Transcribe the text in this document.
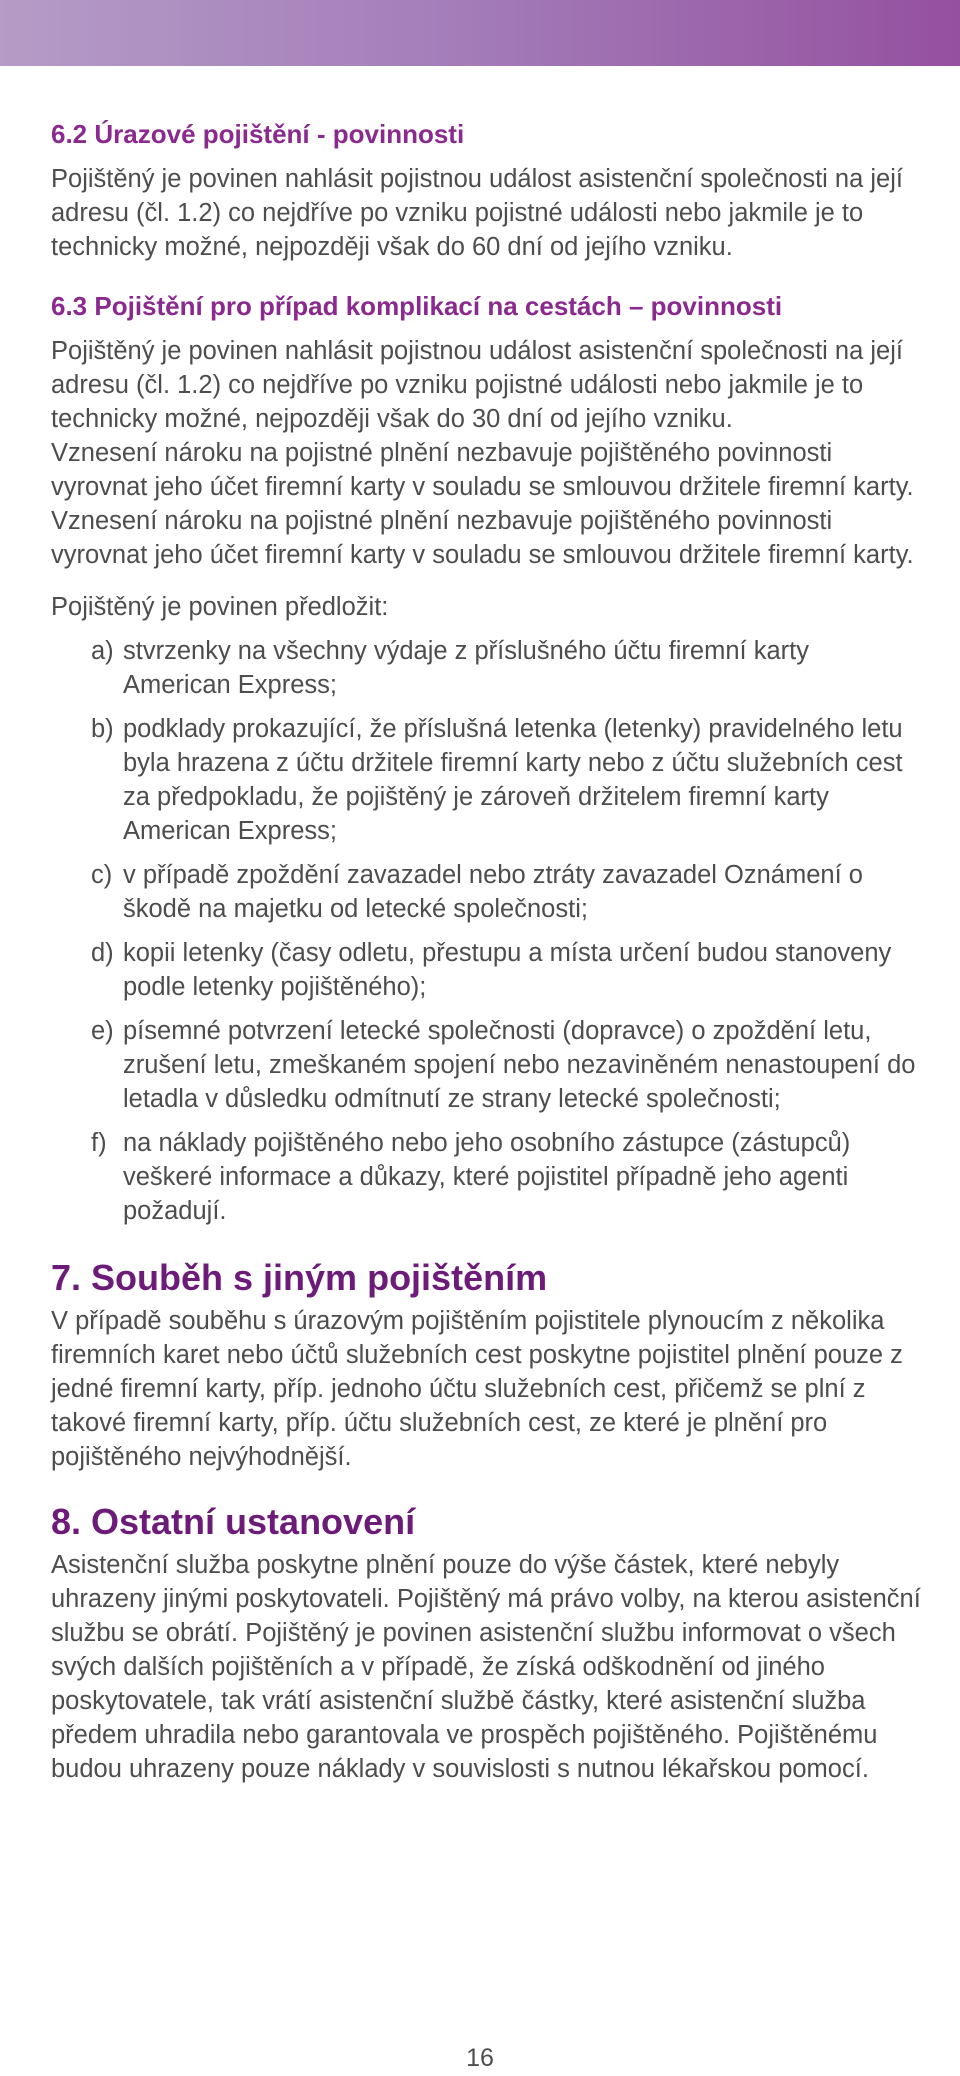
6.2 Úrazové pojištění - povinnosti

Pojištěný je povinen nahlásit pojistnou událost asistenční společnosti na její adresu (čl. 1.2) co nejdříve po vzniku pojistné události nebo jakmile je to technicky možné, nejpozději však do 60 dní od jejího vzniku.

6.3 Pojištění pro případ komplikací na cestách – povinnosti

Pojištěný je povinen nahlásit pojistnou událost asistenční společnosti na její adresu (čl. 1.2) co nejdříve po vzniku pojistné události nebo jakmile je to technicky možné, nejpozději však do 30 dní od jejího vzniku.

Vznesení nároku na pojistné plnění nezbavuje pojištěného povinnosti vyrovnat jeho účet firemní karty v souladu se smlouvou držitele firemní karty. Vznesení nároku na pojistné plnění nezbavuje pojištěného povinnosti vyrovnat jeho účet firemní karty v souladu se smlouvou držitele firemní karty.

Pojištěný je povinen předložit:

a) stvrzenky na všechny výdaje z příslušného účtu firemní karty American Express;
b) podklady prokazující, že příslušná letenka (letenky) pravidelného letu byla hrazena z účtu držitele firemní karty nebo z účtu služebních cest za předpokladu, že pojištěný je zároveň držitelem firemní karty American Express;
c) v případě zpoždění zavazadel nebo ztráty zavazadel Oznámení o škodě na majetku od letecké společnosti;
d) kopii letenky (časy odletu, přestupu a místa určení budou stanoveny podle letenky pojištěného);
e) písemné potvrzení letecké společnosti (dopravce) o zpoždění letu, zrušení letu, zmeškaném spojení nebo nezaviněném nenastoupení do letadla v důsledku odmítnutí ze strany letecké společnosti;
f) na náklady pojištěného nebo jeho osobního zástupce (zástupců) veškeré informace a důkazy, které pojistitel případně jeho agenti požadují.
7. Souběh s jiným pojištěním

V případě souběhu s úrazovým pojištěním pojistitele plynoucím z několika firemních karet nebo účtů služebních cest poskytne pojistitel plnění pouze z jedné firemní karty, příp. jednoho účtu služebních cest, přičemž se plní z takové firemní karty, příp. účtu služebních cest, ze které je plnění pro pojištěného nejvýhodnější.

8. Ostatní ustanovení

Asistenční služba poskytne plnění pouze do výše částek, které nebyly uhrazeny jinými poskytovateli. Pojištěný má právo volby, na kterou asistenční službu se obrátí. Pojištěný je povinen asistenční službu informovat o všech svých dalších pojištěních a v případě, že získá odškodnění od jiného poskytovatele, tak vrátí asistenční službě částky, které asistenční služba předem uhradila nebo garantovala ve prospěch pojištěného. Pojištěnému budou uhrazeny pouze náklady v souvislosti s nutnou lékařskou pomocí.

16
